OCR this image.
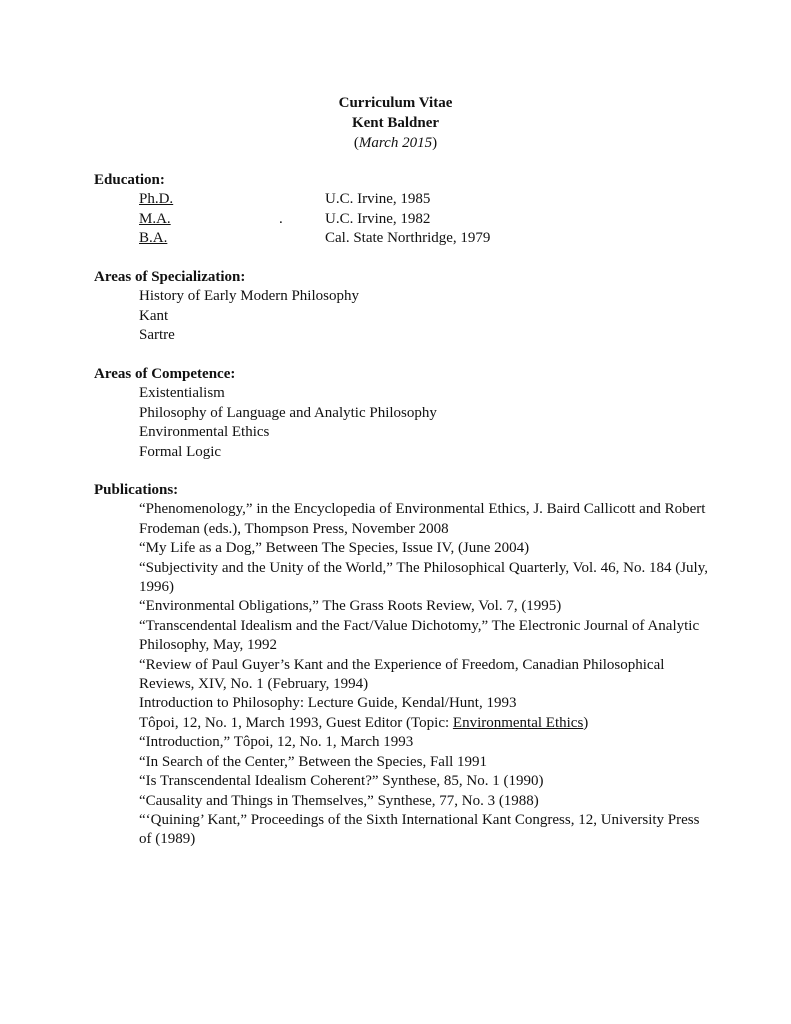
Curriculum Vitae
Kent Baldner
(March 2015)
Education:
Ph.D.	U.C. Irvine, 1985
M.A.	.	U.C. Irvine, 1982
B.A.	Cal. State Northridge, 1979
Areas of Specialization:
History of Early Modern Philosophy
Kant
Sartre
Areas of Competence:
Existentialism
Philosophy of Language and Analytic Philosophy
Environmental Ethics
Formal Logic
Publications:
“Phenomenology,” in the Encyclopedia of Environmental Ethics, J. Baird Callicott and Robert Frodeman (eds.), Thompson Press, November 2008
“My Life as a Dog,” Between The Species, Issue IV, (June 2004)
“Subjectivity and the Unity of the World,” The Philosophical Quarterly, Vol. 46, No. 184 (July, 1996)
“Environmental Obligations,” The Grass Roots Review, Vol. 7, (1995)
“Transcendental Idealism and the Fact/Value Dichotomy,” The Electronic Journal of Analytic Philosophy, May, 1992
“Review of Paul Guyer’s Kant and the Experience of Freedom, Canadian Philosophical Reviews, XIV, No. 1 (February, 1994)
Introduction to Philosophy: Lecture Guide, Kendal/Hunt, 1993
Tôpoi, 12, No. 1, March 1993, Guest Editor (Topic: Environmental Ethics)
“Introduction,” Tôpoi, 12, No. 1, March 1993
“In Search of the Center,” Between the Species, Fall 1991
“Is Transcendental Idealism Coherent?” Synthese, 85, No. 1 (1990)
“Causality and Things in Themselves,” Synthese, 77, No. 3 (1988)
“‘Quining’ Kant,” Proceedings of the Sixth International Kant Congress, 12, University Press of (1989)
